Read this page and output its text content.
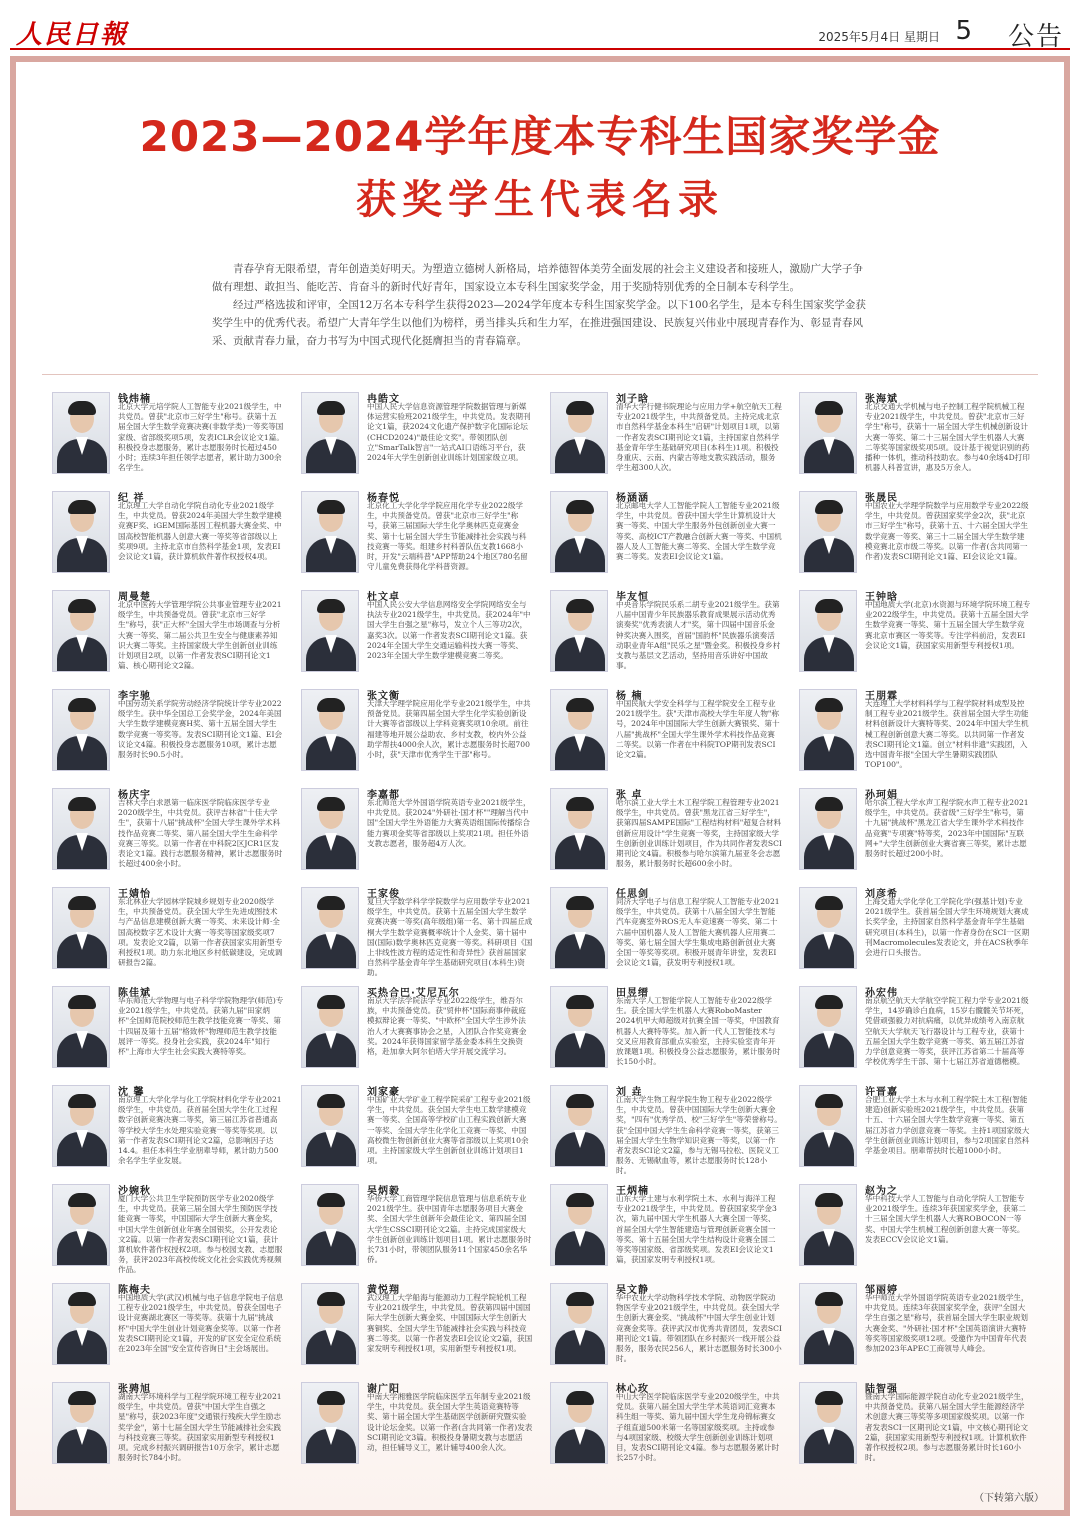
人民日報	2025年5月4日 星期日 5 公告
2023—2024学年度本专科生国家奖学金
获奖学生代表名录

青春孕育无限希望，青年创造美好明天。为塑造立德树人新格局，培养德智体美劳全面发展的社会主义建设者和接班人，激励广大学子争做有理想、敢担当、能吃苦、肯奋斗的新时代好青年，国家设立本专科生国家奖学金，用于奖励特别优秀的全日制本专科学生。

经过严格选拔和评审，全国12万名本专科学生获得2023—2024学年度本专科生国家奖学金。以下100名学生，是本专科生国家奖学金获奖学生中的优秀代表。希望广大青年学生以他们为榜样，勇当排头兵和生力军，在推进强国建设、民族复兴伟业中展现青春作为、彰显青春风采、贡献青春力量，奋力书写为中国式现代化挺膺担当的青春篇章。

钱炜楠
北京大学元培学院人工智能专业2021级学生，中共党员。曾获"北京市三好学生"称号。获第十五届全国大学生数学竞赛决赛(非数学类)一等奖等国家级、省部级奖项5项，发表ICLR会议论文1篇。积极投身志愿服务，累计志愿服务时长超过450小时；连续3年担任领学志愿者，累计助力300余名学生。
冉皓文
中国人民大学信息资源管理学院数据管理与新媒体运营实验班2021级学生，中共党员。发表期刊论文1篇，获2024文化遗产保护数字化国际论坛(CHCD2024)"最佳论文奖"。带领团队创立"SmarTalk智言"一站式AI口语练习平台，获2024年大学生创新创业训练计划国家级立项。
刘子晗
清华大学行健书院理论与应用力学+航空航天工程专业2021级学生，中共预备党员。主持完成北京市自然科学基金本科生"启研"计划项目1项，以第一作者发表SCI期刊论文1篇，主持国家自然科学基金青年学生基础研究项目(本科生)1项。积极投身重庆、云南、内蒙古等地支教实践活动，服务学生超300人次。
张海斌
北京交通大学机械与电子控制工程学院机械工程专业2021级学生，中共党员。曾获"北京市三好学生"称号，获第十一届全国大学生机械创新设计大赛一等奖、第二十三届全国大学生机器人大赛二等奖等国家级奖项5项。设计基于视觉识别的药播种一体机，推动科技助农。参与40余场4D打印机器人科普宣讲，惠及5万余人。
纪 祥
北京理工大学自动化学院自动化专业2021级学生，中共党员。曾获2024年美国大学生数学建模竞赛F奖、iGEM国际基因工程机器大赛金奖、中国高校智能机器人创意大赛一等奖等省部级以上奖项9项。主持北京市自然科学基金1项，发表EI会议论文1篇，获计算机软件著作权授权4项。
杨春悦
北京化工大学化学学院应用化学专业2022级学生，中共预备党员。曾获"北京市三好学生"称号，获第三届国际大学生化学奥林匹克竞赛金奖、第十七届全国大学生节能减排社会实践与科技竞赛一等奖。组建乡村科普队伍支教1668小时，开发"云端科普"APP帮助24个地区780名留守儿童免费获得化学科普资源。
杨涵涵
北京邮电大学人工智能学院人工智能专业2021级学生，中共党员。曾获中国大学生计算机设计大赛一等奖、中国大学生服务外包创新创业大赛一等奖、高校ICT产教融合创新大赛一等奖、中国机器人及人工智能大赛二等奖、全国大学生数学竞赛二等奖。发表EI会议论文1篇。
张晟民
中国农业大学理学院数学与应用数学专业2022级学生，中共党员。曾获国家奖学金2次，获"北京市三好学生"称号，获第十五、十六届全国大学生数学竞赛一等奖、第三十二届全国大学生数学建模竞赛北京市级二等奖。以第一作者(含共同第一作者)发表SCI期刊论文1篇、EI会议论文1篇。
周曼楚
北京中医药大学管理学院公共事业管理专业2021级学生，中共预备党员。曾获"北京市三好学生"称号，获"正大杯"全国大学生市场调查与分析大赛一等奖、第二届公共卫生安全与健康素养知识大赛二等奖。主持国家级大学生创新创业训练计划项目2项，以第一作者发表SCI期刊论文1篇、核心期刊论文2篇。
杜文卓
中国人民公安大学信息网络安全学院网络安全与执法专业2021级学生，中共党员。获2024年"中国大学生自强之星"称号，发立个人三等功2次，嘉奖3次。以第一作者发表SCI期刊论文1篇。获2024年全国大学生交通运输科技大赛一等奖、2023年全国大学生数学建模竞赛二等奖。
毕友恒
中央音乐学院民乐系二胡专业2021级学生。获第八届中国青少年民族器乐教育成果展示活动优秀演奏奖"优秀表演人才"奖，第十四届中国音乐金钟奖决赛入围奖，首届"国韵杯"民族器乐演奏活动职业青年A组"民乐之星"暨金奖。积极投身乡村支教与基层文艺活动，坚持用音乐讲好中国故事。
王钟晗
中国地质大学(北京)水资源与环境学院环境工程专业2022级学生，中共党员。获第十五届全国大学生数学竞赛一等奖、第十五届全国大学生数学竞赛北京市赛区一等奖等。专注学科前沿，发表EI会议论文1篇，获国家实用新型专利授权1项。
李宇驰
中国劳动关系学院劳动经济学院统计学专业2022级学生。获中华全国总工会奖学金，2024年美国大学生数学建模竞赛H奖、第十五届全国大学生数学竞赛一等奖等。发表SCI期刊论文1篇、EI会议论文4篇。积极投身志愿服务10项，累计志愿服务时长90.5小时。
张文衡
天津大学理学院应用化学专业2021级学生，中共预备党员。获第四届全国大学生化学实验创新设计大赛等省部级以上学科竞赛奖项10余项。前往福建等地开展公益助农、乡村支教，校内外公益助学帮扶4000余人次，累计志愿服务时长超700小时，获"天津市优秀学生干部"称号。
杨 楠
中国民航大学安全科学与工程学院安全工程专业2021级学生。获"天津市高校大学生年度人物"称号，2024年中国国际大学生创新大赛银奖、第十八届"挑战杯"全国大学生课外学术科技作品竞赛二等奖。以第一作者在中科院TOP期刊发表SCI论文2篇。
王朋霖
大连理工大学材料科学与工程学院材料成型及控制工程专业2021级学生。获首届全国大学生功能材料创新设计大赛特等奖、2024年中国大学生机械工程创新创意大赛二等奖。以共同第一作者发表SCI期刊论文1篇。创立"材料非遗"实践团，入选中国青年报"全国大学生暑期实践团队TOP100"。
杨庆宇
吉林大学白求恩第一临床医学院临床医学专业2020级学生，中共党员。获评吉林省"十佳大学生"，获第十八届"挑战杯"全国大学生课外学术科技作品竞赛二等奖、第八届全国大学生生命科学竞赛三等奖。以第一作者在中科院2区JCR1区发表论文1篇。践行志愿服务精神，累计志愿服务时长超过400余小时。
李嘉都
东北师范大学外国语学院英语专业2021级学生，中共党员。获2024"外研社·国才杯""理解当代中国"全国大学生外语能力大赛英语组国际传播综合能力赛项金奖等省部级以上奖项21项。担任外语支教志愿者，服务超4万人次。
张 卓
哈尔滨工业大学土木工程学院工程管理专业2021级学生，中共党员。曾获"黑龙江省三好学生"，获第四届SAMPE国际"工程结构材料"超复合材料创新应用设计"学生竞赛一等奖，主持国家级大学生创新创业训练计划项目，作为共同作者发表SCI期刊论文4篇。积极参与哈尔滨第九届亚冬会志愿服务，累计服务时长超600余小时。
孙珂娟
哈尔滨工程大学水声工程学院水声工程专业2021级学生，中共党员。获省级"三好学生"称号，第十九届"挑战杯"黑龙江省大学生课外学术科技作品竞赛"专项赛"特等奖，2023年中国国际"互联网+"大学生创新创业大赛省赛三等奖，累计志愿服务时长超过200小时。
王婧怡
东北林业大学园林学院城乡规划专业2020级学生，中共预备党员。获全国大学生先进成图技术与产品信息建模创新大赛一等奖、未来设计师·全国高校数字艺术设计大赛一等奖等国家级奖项7项。发表论文2篇，以第一作者获国家实用新型专利授权1项。助力东北地区乡村低碳建设，完成调研报告2篇。
王家俊
复旦大学数学科学学院数学与应用数学专业2021级学生，中共党员。获第十五届全国大学生数学竞赛决赛一等奖(高年级组)第一名、第十四届丘成桐大学生数学竞赛概率统计个人金奖、第十届中国(国际)数学奥林匹克竞赛一等奖。科研项目《国上非线性波方程的适定性和奇异性》获首届国家自然科学基金青年学生基础研究项目(本科生)资助。
任思剑
同济大学电子与信息工程学院人工智能专业2021级学生，中共党员。获第十八届全国大学生智能汽车竞赛室外ROS无人车竞速赛一等奖、第二十六届中国机器人及人工智能大赛机器人应用赛二等奖、第七届全国大学生集成电路创新创业大赛全国一等奖等奖项。积极开展青年讲堂，发表EI会议论文1篇，获发明专利授权1项。
刘彦希
上海交通大学化学化工学院化学(强基计划)专业2021级学生。获首届全国大学生环境规划大赛成长奖学金，主持国家自然科学基金青年学生基础研究项目(本科生)，以第一作者身份在SCI一区期刊Macromolecules发表论文，并在ACS秋季年会进行口头报告。
陈佳斌
华东师范大学物理与电子科学学院物理学(师范)专业2021级学生，中共党员。获第九届"田家炳杯"全国师范院校师范生教学技能竞赛一等奖、第十四届及第十五届"格致杯"物理师范生教学技能展评一等奖。投身社会实践，获2024年"知行杯"上海市大学生社会实践大赛特等奖。
买热合巴·艾尼瓦尔
南京大学法学院法学专业2022级学生，维吾尔族，中共预备党员。获"贸仲杯"国际商事仲裁庭模拟辩论赛一等奖、"中欧杯"全国大学生涉外法治人才大赛赛事协会之星，入团队合作奖竞赛金奖。2024年获得国家留学基金委本科生交换资格，赴加拿大阿尔伯塔大学开展交流学习。
田昱缙
东南大学人工智能学院人工智能专业2022级学生。获全国大学生机器人大赛RoboMaster 2024机甲大师超级对抗赛全国一等奖，中国教育机器人大赛特等奖。加入新一代人工智能技术与交叉应用教育部重点实验室，主持实验室青年开放课题1项。积极投身公益志愿服务，累计服务时长150小时。
孙宏伟
南京航空航天大学航空学院工程力学专业2021级学生，14岁确诊白血病，15岁右髋髋关节坏死，凭借顽强毅力对抗病痛，以优异成绩考入南京航空航天大学航天飞行器设计与工程专业，获第十五届全国大学生数学竞赛一等奖、第五届江苏省力学创意竞赛一等奖，获评江苏省第二十届高等学校优秀学生干部、第十七届江苏省道德楷模。
沈 馨
南京理工大学化学与化工学院材料化学专业2021级学生，中共党员。获首届全国大学生化工过程数字创新竞赛决赛二等奖，第三届江苏省普通高等学校大学生水处理实验竞赛一等奖等奖项。以第一作者发表SCI期刊论文2篇，总影响因子达14.4。担任本科生学业朋辈导师，累计助力500余名学生学业发展。
刘家豪
中国矿业大学矿业工程学院采矿工程专业2021级学生，中共党员。获全国大学生电工数学建模竞赛一等奖、全国高等学校矿山工程实践创新大赛一等奖、全国大学生化学化工竞赛一等奖、中国高校微生物创新创业大赛等省部级以上奖项10余项。主持国家级大学生创新创业训练计划项目1项。
刘 垚
江南大学生物工程学院生物工程专业2022级学生，中共党员。曾获中国国际大学生创新大赛金奖，"四有"优秀学员、校"三好学生"等荣誉称号。获"全国中国大学生生命科学竞赛一等奖，获第三届全国大学生生物学知识竞赛一等奖，以第一作者发表SCI论文2篇，参与无锡马拉松、医院义工服务、无锡献血等，累计志愿服务时长128小时。
许晋嘉
合肥工业大学土木与水利工程学院土木工程(智能建造)创新实验班2021级学生，中共党员。获第十五、十六届全国大学生数学竞赛一等奖、第五届江苏省力学创意竞赛一等奖。主持1项国家级大学生创新创业训练计划项目，参与2项国家自然科学基金项目。朋辈帮扶时长超1000小时。
沙婉秋
厦门大学公共卫生学院预防医学专业2020级学生，中共党员。获第三届全国大学生预防医学技能竞赛一等奖，中国国际大学生创新大赛金奖，中国大学生创新创业年赛全国银奖，公开发表论文2篇。以第一作者发表SCI期刊论文1篇，获计算机软件著作权授权2项。参与校园支教、志愿服务，获评2023年高校传统文化社会实践优秀视频作品。
吴炳毅
华侨大学工商管理学院信息管理与信息系统专业2021级学生。获中国青年志愿服务项目大赛金奖、全国大学生创新年会最佳论文、第四届全国大学生CSSCI期刊论文2篇。主持完成国家级大学生创新创业训练计划项目1项。累计志愿服务时长731小时，带领团队服务11个国家450余名华侨。
王炳楠
山东大学土建与水利学院土木、水利与海洋工程专业2021级学生，中共党员。曾获国家奖学金3次，第九届中国大学生机器人大赛全国一等奖、首届全国大学生智能建造与管理创新竞赛全国一等奖、第十五届全国大学生结构设计竞赛全国二等奖等国家级、省部级奖项。发表EI会议论文1篇，获国家发明专利授权1项。
赵为之
华中科技大学人工智能与自动化学院人工智能专业2021级学生。连续3年获国家奖学金，获第二十三届全国大学生机器人大赛ROBOCON一等奖、中国大学生机械工程创新创意大赛一等奖。发表ECCV会议论文1篇。
陈梅夫
中国地质大学(武汉)机械与电子信息学院电子信息工程专业2021级学生，中共党员。曾获全国电子设计竞赛湖北赛区一等奖等。获第十九届"挑战杯"中国大学生创业计划竞赛金奖等。以第一作者发表SCI期刊论文1篇，开发的矿区安全定位系统在2023年全国"安全宣传咨询日"主会场展出。
黄悦翔
武汉理工大学船海与能源动力工程学院轮机工程专业2021级学生，中共党员。曾获第四届中国国际大学生创新大赛金奖、中国国际大学生创新大赛铜奖、全国大学生节能减排社会实践与科技竞赛二等奖。以第一作者发表EI会议论文2篇，获国家发明专利授权1项，实用新型专利授权1项。
吴文静
华中农业大学动物科学技术学院、动物医学院动物医学专业2021级学生，中共党员。获全国大学生创新大赛金奖、"挑战杯"中国大学生创业计划竞赛金奖等。获评武汉市优秀共青团员，发表SCI期刊论文1篇。带领团队在乡村振兴一线开展公益服务，服务农民256人，累计志愿服务时长300小时。
邹丽婷
华中师范大学外国语学院英语专业2021级学生，中共党员。连续3年获国家奖学金，获评"全国大学生自强之星"称号，获首届全国大学生职业规划大赛金奖、"外研社·国才杯"全国英语演讲大赛特等奖等国家级奖项12项。受邀作为中国青年代表参加2023年APEC工商领导人峰会。
张骋旭
湖南大学环境科学与工程学院环境工程专业2021级学生，中共党员。曾获"中国大学生自强之星"称号，获2023年度"交通银行残疾大学生励志奖学金"，第十七届全国大学生节能减排社会实践与科技竞赛三等奖。获国家实用新型专利授权1项。完成乡村振兴调研报告10万余字，累计志愿服务时长784小时。
谢广阳
中南大学湘雅医学院临床医学五年制专业2021级学生，中共党员。获全国大学生英语竞赛特等奖、第十届全国大学生基础医学创新研究暨实验设计论坛金奖。以第一作者(含共同第一作者)发表SCI期刊论文3篇。积极投身暑期支教与志愿活动，担任辅导义工，累计辅导400余人次。
林心玫
中山大学医学院临床医学专业2020级学生，中共党员。获第八届全国大学生学术英语词汇竞赛本科生组一等奖、第九届中国大学生龙舟锦标赛女子组直道500米第一名等国家级奖项。主持或参与4项国家级、校级大学生创新创业训练计划项目，发表SCI期刊论文4篇。参与志愿服务累计时长257小时。
陆智强
暨南大学国际能源学院自动化专业2021级学生，中共预备党员。获第八届全国大学生能源经济学术创意大赛三等奖等多项国家级奖项。以第一作者发表SCI一区期刊论文1篇，中文核心期刊论文2篇，获国家实用新型专利授权1项。计算机软件著作权授权2项。参与志愿服务累计时长160小时。
（下转第六版）
